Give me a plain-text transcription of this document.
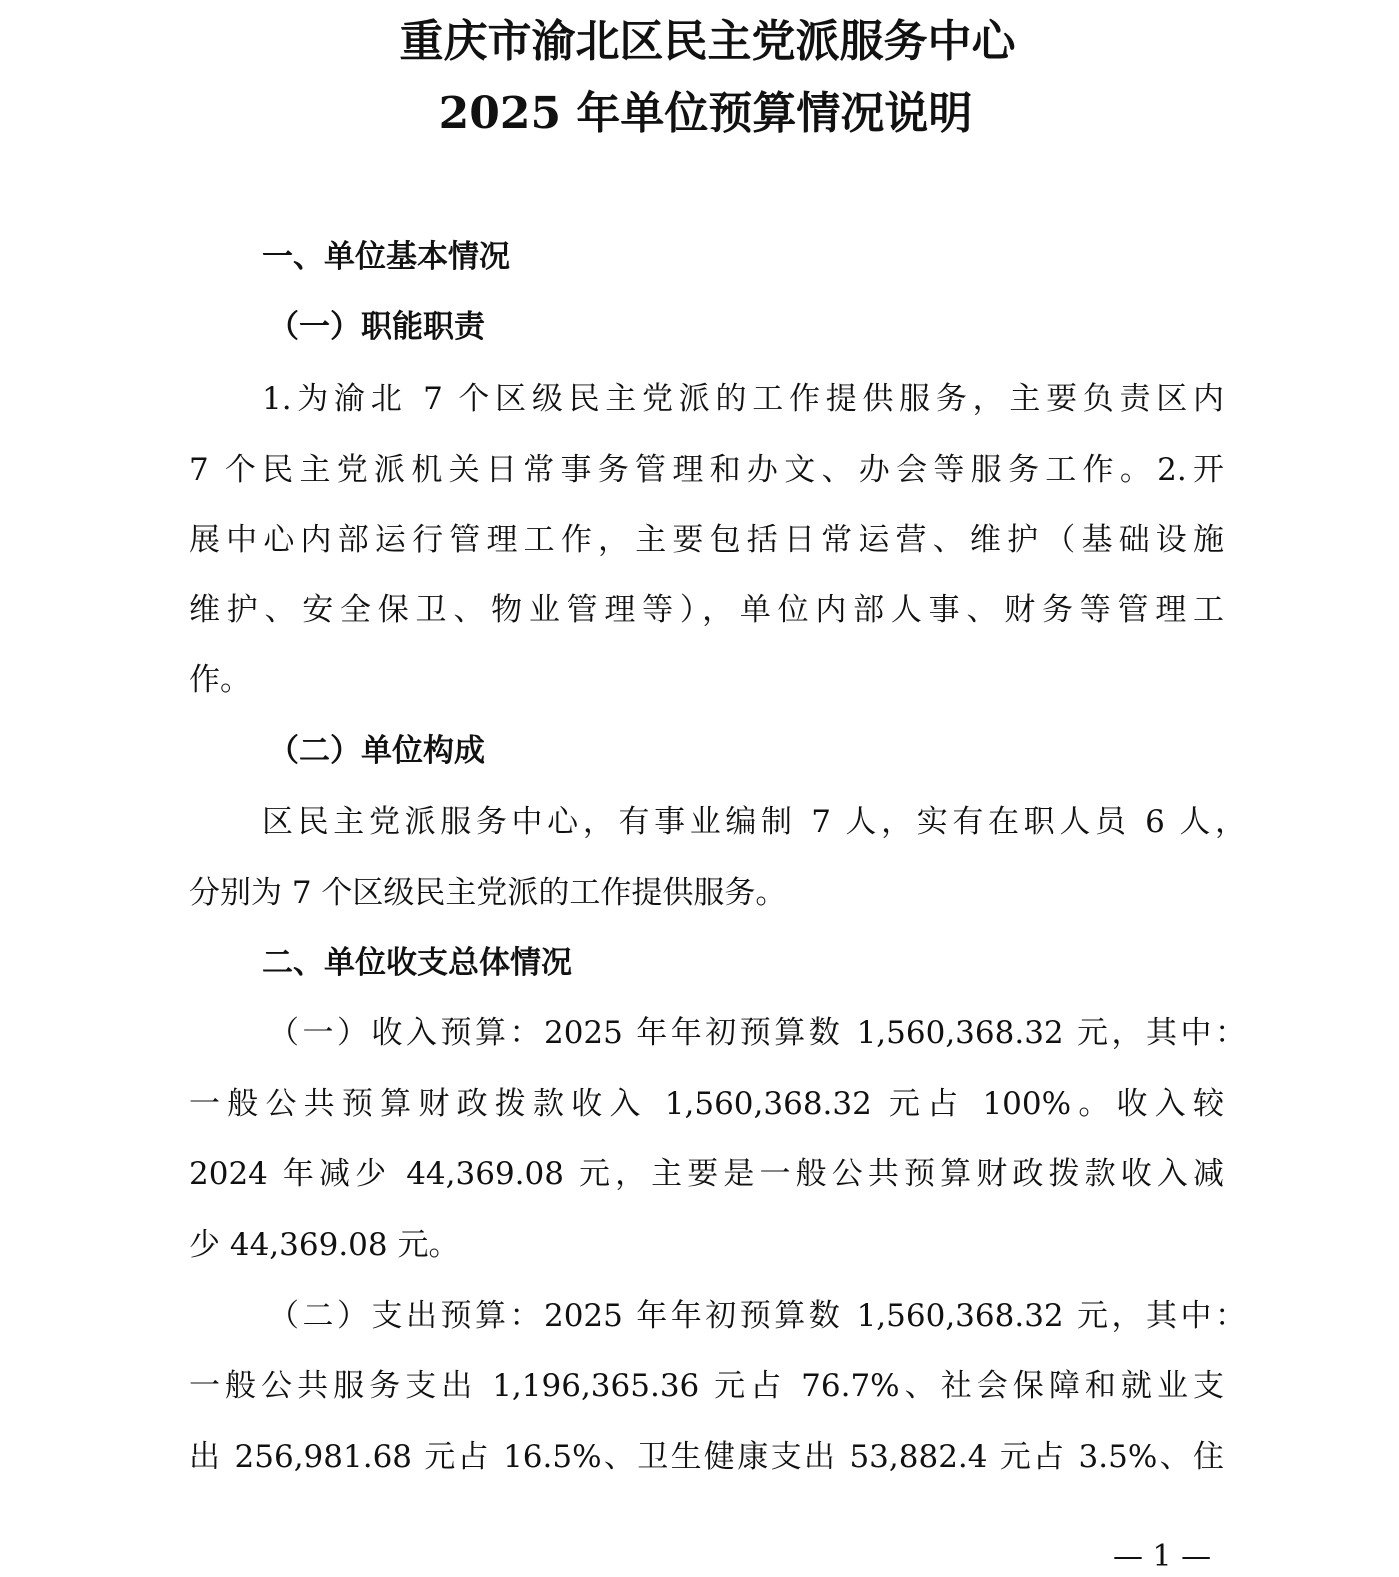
重庆市渝北区民主党派服务中心
2025 年单位预算情况说明
一、单位基本情况
（一）职能职责

1.为渝北 7 个区级民主党派的工作提供服务，主要负责区内

7 个民主党派机关日常事务管理和办文、办会等服务工作。2.开

展中心内部运行管理工作，主要包括日常运营、维护（基础设施

维护、安全保卫、物业管理等），单位内部人事、财务等管理工

作。

（二）单位构成

区民主党派服务中心，有事业编制 7 人，实有在职人员 6 人，

分别为 7 个区级民主党派的工作提供服务。

二、单位收支总体情况

（一）收入预算：2025 年年初预算数 1,560,368.32 元，其中：

一般公共预算财政拨款收入 1,560,368.32 元占 100%。收入较

2024 年减少 44,369.08 元，主要是一般公共预算财政拨款收入减

少 44,369.08 元。

（二）支出预算：2025 年年初预算数 1,560,368.32 元，其中：

一般公共服务支出 1,196,365.36 元占 76.7%、社会保障和就业支

出 256,981.68 元占 16.5%、卫生健康支出 53,882.4 元占 3.5%、住

— 1 —
